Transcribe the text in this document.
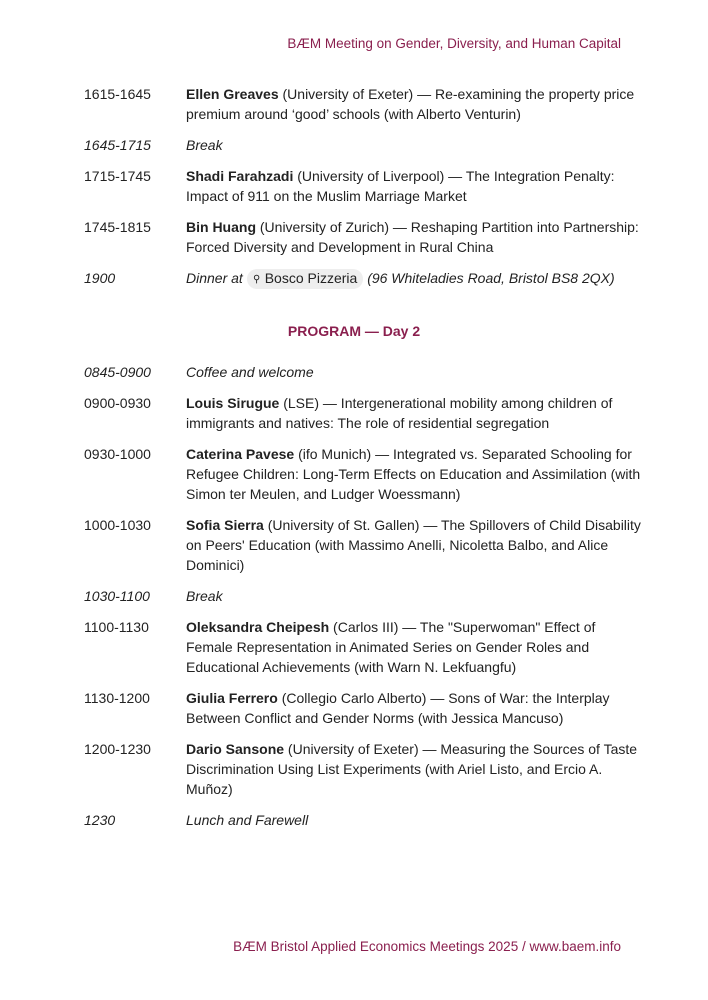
BÆM Meeting on Gender, Diversity, and Human Capital
1615-1645	Ellen Greaves (University of Exeter) — Re-examining the property price premium around ‘good’ schools (with Alberto Venturin)
1645-1715	Break
1715-1745	Shadi Farahzadi (University of Liverpool) — The Integration Penalty: Impact of 911 on the Muslim Marriage Market
1745-1815	Bin Huang (University of Zurich) — Reshaping Partition into Partnership: Forced Diversity and Development in Rural China
1900	Dinner at ⚲ Bosco Pizzeria (96 Whiteladies Road, Bristol BS8 2QX)
PROGRAM — Day 2
0845-0900	Coffee and welcome
0900-0930	Louis Sirugue (LSE) — Intergenerational mobility among children of immigrants and natives: The role of residential segregation
0930-1000	Caterina Pavese (ifo Munich) — Integrated vs. Separated Schooling for Refugee Children: Long-Term Effects on Education and Assimilation (with Simon ter Meulen, and Ludger Woessmann)
1000-1030	Sofia Sierra (University of St. Gallen) — The Spillovers of Child Disability on Peers' Education (with Massimo Anelli, Nicoletta Balbo, and Alice Dominici)
1030-1100	Break
1100-1130	Oleksandra Cheipesh (Carlos III) — The "Superwoman" Effect of Female Representation in Animated Series on Gender Roles and Educational Achievements (with Warn N. Lekfuangfu)
1130-1200	Giulia Ferrero (Collegio Carlo Alberto) — Sons of War: the Interplay Between Conflict and Gender Norms (with Jessica Mancuso)
1200-1230	Dario Sansone (University of Exeter) — Measuring the Sources of Taste Discrimination Using List Experiments (with Ariel Listo, and Ercio A. Muñoz)
1230	Lunch and Farewell
BÆM Bristol Applied Economics Meetings 2025 / www.baem.info
